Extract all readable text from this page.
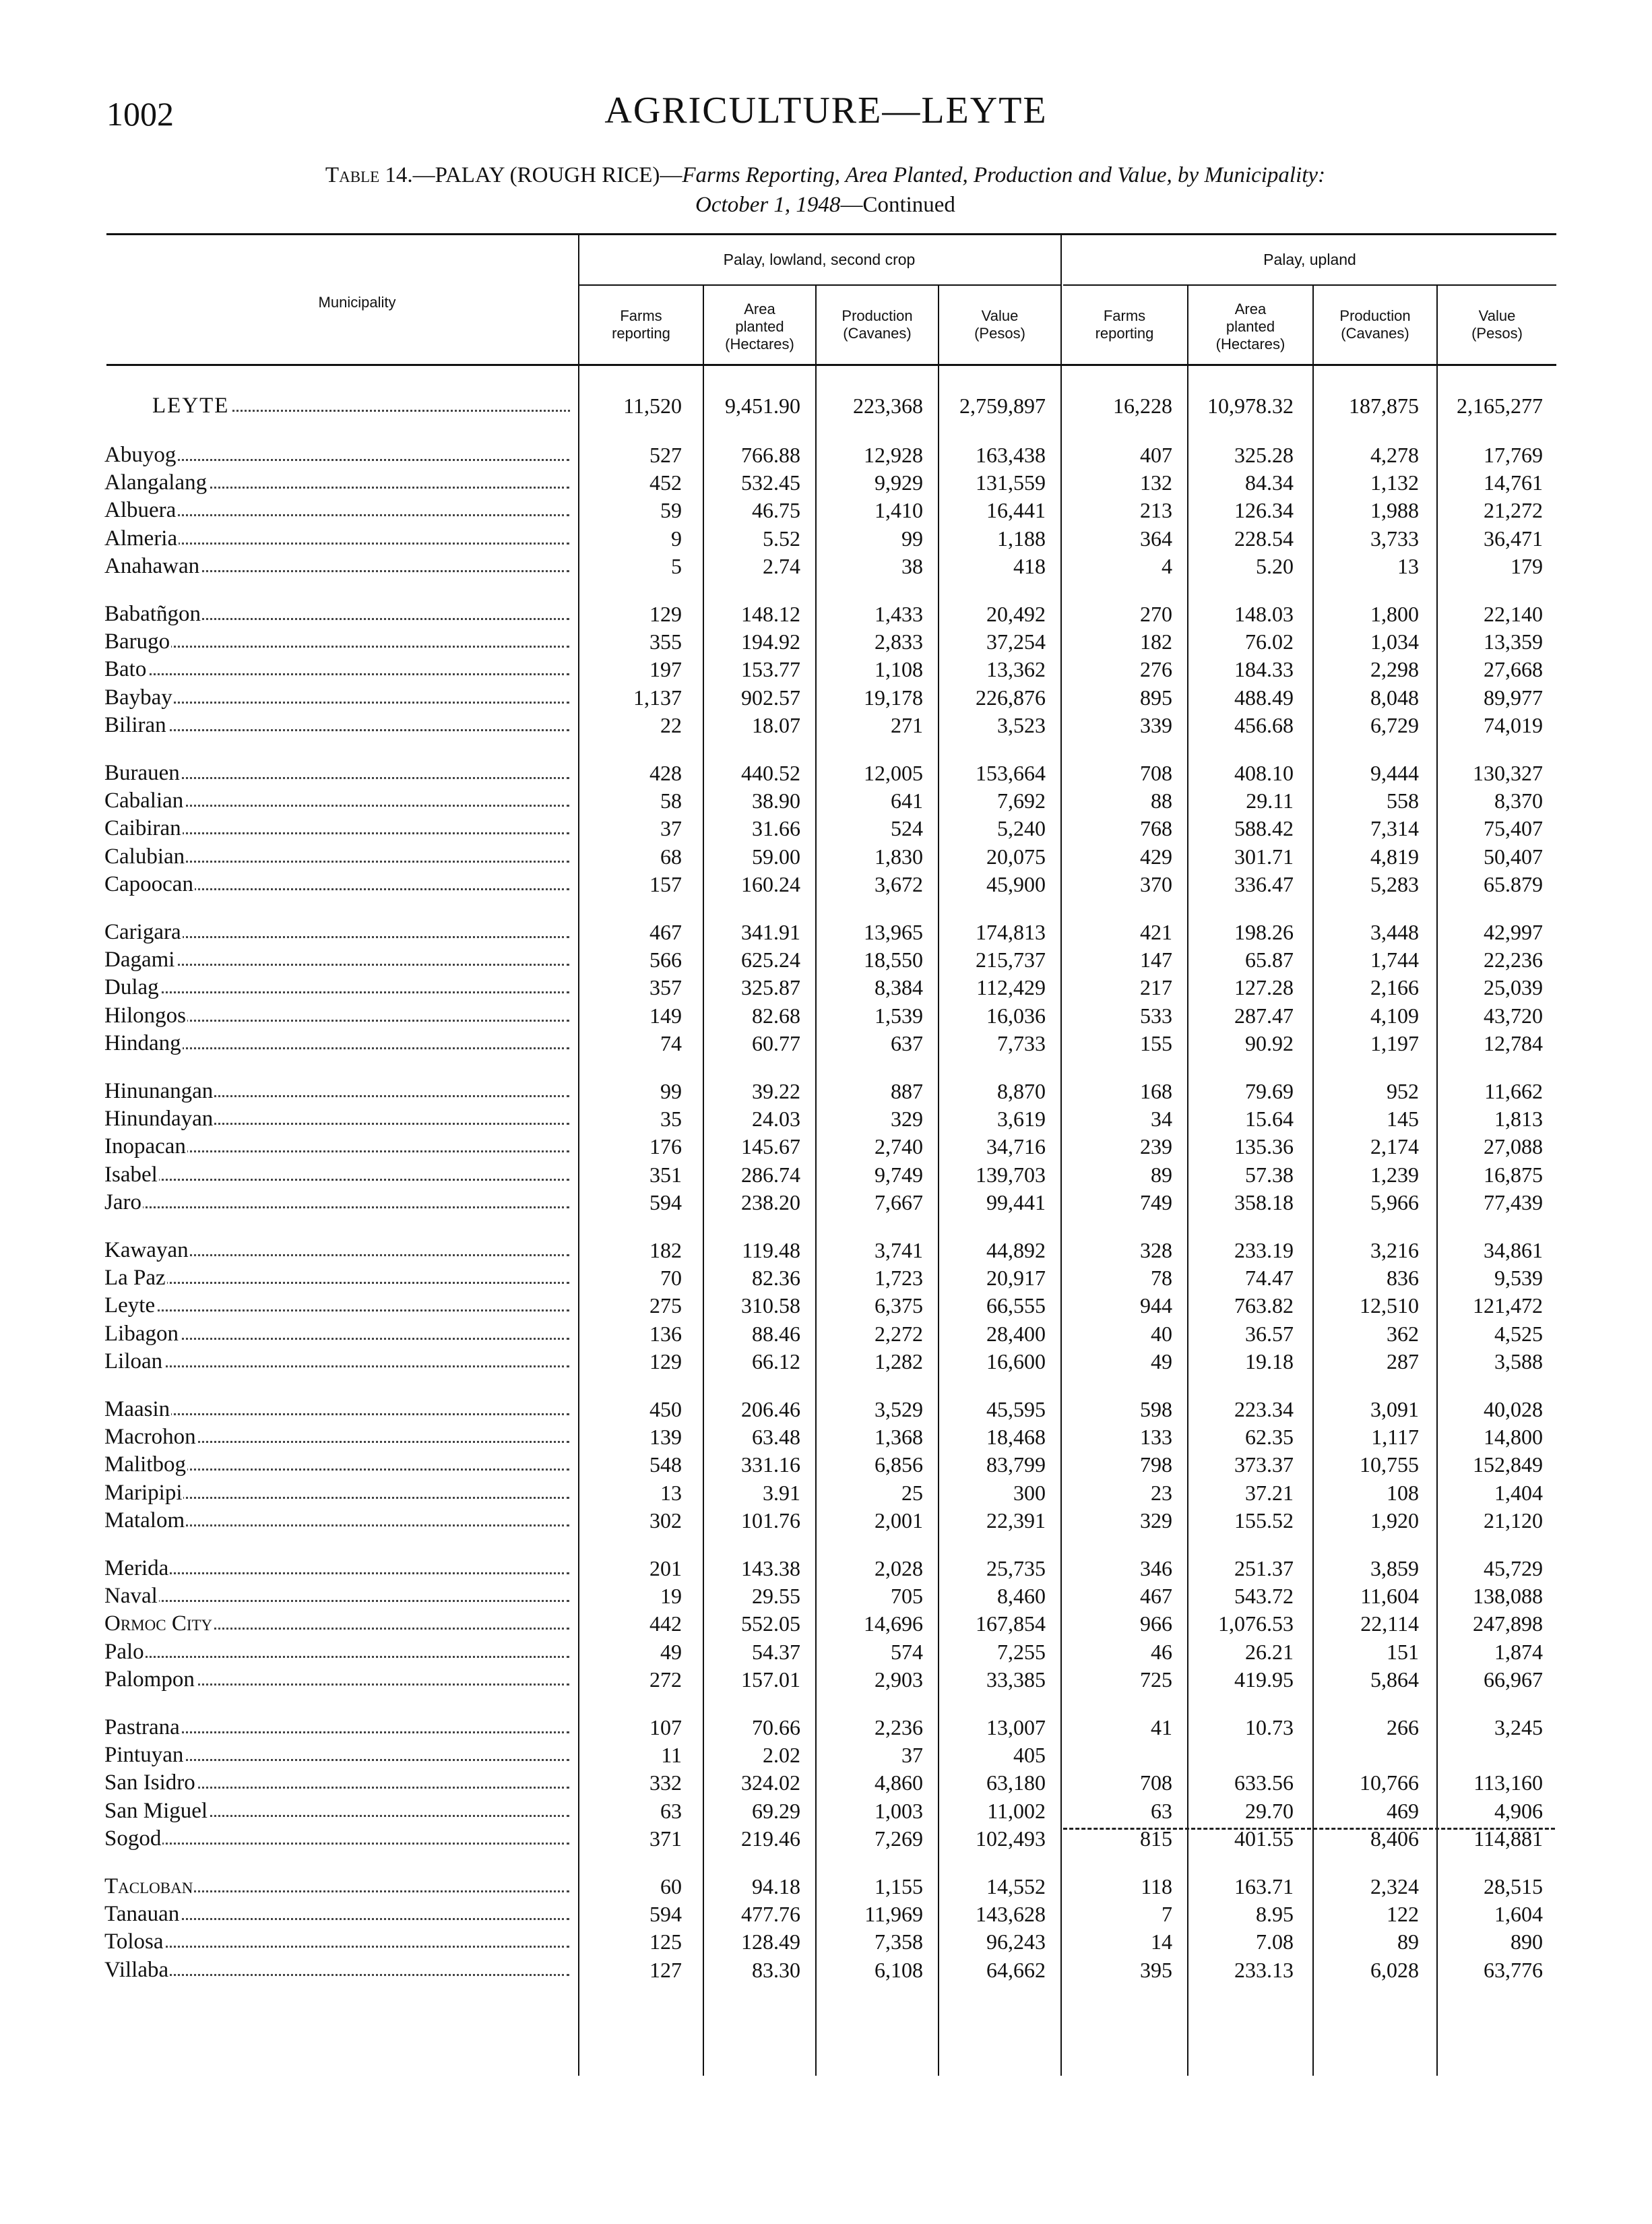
1002	AGRICULTURE—LEYTE
Table 14.—PALAY (ROUGH RICE)—Farms Reporting, Area Planted, Production and Value, by Municipality:
October 1, 1948—Continued
Palay, lowland, second crop	Palay, upland
Municipality
Farms
reporting
Area
planted
(Hectares)
Production
(Cavanes)
Value
(Pesos)
Farms
reporting
Area
planted
(Hectares)
Production
(Cavanes)
Value
(Pesos)
LEYTE	11,520	9,451.90	223,368	2,759,897	16,228	10,978.32	187,875	2,165,277
Abuyog	527	766.88	12,928	163,438	407	325.28	4,278	17,769
Alangalang	452	532.45	9,929	131,559	132	84.34	1,132	14,761
Albuera	59	46.75	1,410	16,441	213	126.34	1,988	21,272
Almeria	9	5.52	99	1,188	364	228.54	3,733	36,471
Anahawan	5	2.74	38	418	4	5.20	13	179
Babatñgon	129	148.12	1,433	20,492	270	148.03	1,800	22,140
Barugo	355	194.92	2,833	37,254	182	76.02	1,034	13,359
Bato	197	153.77	1,108	13,362	276	184.33	2,298	27,668
Baybay	1,137	902.57	19,178	226,876	895	488.49	8,048	89,977
Biliran	22	18.07	271	3,523	339	456.68	6,729	74,019
Burauen	428	440.52	12,005	153,664	708	408.10	9,444	130,327
Cabalian	58	38.90	641	7,692	88	29.11	558	8,370
Caibiran	37	31.66	524	5,240	768	588.42	7,314	75,407
Calubian	68	59.00	1,830	20,075	429	301.71	4,819	50,407
Capoocan	157	160.24	3,672	45,900	370	336.47	5,283	65.879
Carigara	467	341.91	13,965	174,813	421	198.26	3,448	42,997
Dagami	566	625.24	18,550	215,737	147	65.87	1,744	22,236
Dulag	357	325.87	8,384	112,429	217	127.28	2,166	25,039
Hilongos	149	82.68	1,539	16,036	533	287.47	4,109	43,720
Hindang	74	60.77	637	7,733	155	90.92	1,197	12,784
Hinunangan	99	39.22	887	8,870	168	79.69	952	11,662
Hinundayan	35	24.03	329	3,619	34	15.64	145	1,813
Inopacan	176	145.67	2,740	34,716	239	135.36	2,174	27,088
Isabel	351	286.74	9,749	139,703	89	57.38	1,239	16,875
Jaro	594	238.20	7,667	99,441	749	358.18	5,966	77,439
Kawayan	182	119.48	3,741	44,892	328	233.19	3,216	34,861
La Paz	70	82.36	1,723	20,917	78	74.47	836	9,539
Leyte	275	310.58	6,375	66,555	944	763.82	12,510	121,472
Libagon	136	88.46	2,272	28,400	40	36.57	362	4,525
Liloan	129	66.12	1,282	16,600	49	19.18	287	3,588
Maasin	450	206.46	3,529	45,595	598	223.34	3,091	40,028
Macrohon	139	63.48	1,368	18,468	133	62.35	1,117	14,800
Malitbog	548	331.16	6,856	83,799	798	373.37	10,755	152,849
Maripipi	13	3.91	25	300	23	37.21	108	1,404
Matalom	302	101.76	2,001	22,391	329	155.52	1,920	21,120
Merida	201	143.38	2,028	25,735	346	251.37	3,859	45,729
Naval	19	29.55	705	8,460	467	543.72	11,604	138,088
Ormoc City	442	552.05	14,696	167,854	966	1,076.53	22,114	247,898
Palo	49	54.37	574	7,255	46	26.21	151	1,874
Palompon	272	157.01	2,903	33,385	725	419.95	5,864	66,967
Pastrana	107	70.66	2,236	13,007	41	10.73	266	3,245
Pintuyan	11	2.02	37	405
San Isidro	332	324.02	4,860	63,180	708	633.56	10,766	113,160
San Miguel	63	69.29	1,003	11,002	63	29.70	469	4,906
Sogod	371	219.46	7,269	102,493	815	401.55	8,406	114,881
Tacloban	60	94.18	1,155	14,552	118	163.71	2,324	28,515
Tanauan	594	477.76	11,969	143,628	7	8.95	122	1,604
Tolosa	125	128.49	7,358	96,243	14	7.08	89	890
Villaba	127	83.30	6,108	64,662	395	233.13	6,028	63,776
